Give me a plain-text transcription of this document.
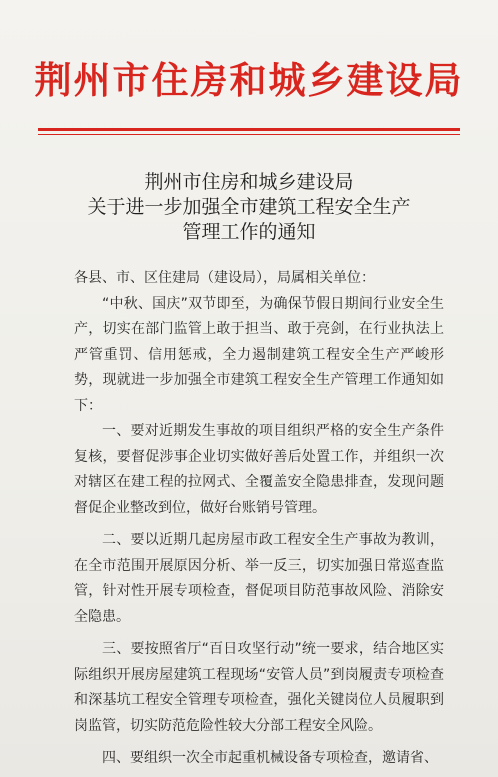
荆州市住房和城乡建设局
荆州市住房和城乡建设局
关于进一步加强全市建筑工程安全生产
管理工作的通知

各县、市、区住建局（建设局），局属相关单位：

“中秋、国庆”双节即至，为确保节假日期间行业安全生产，切实在部门监管上敢于担当、敢于亮剑，在行业执法上严管重罚、信用惩戒，全力遏制建筑工程安全生产严峻形势，现就进一步加强全市建筑工程安全生产管理工作通知如下：

一、要对近期发生事故的项目组织严格的安全生产条件复核，要督促涉事企业切实做好善后处置工作，并组织一次对辖区在建工程的拉网式、全覆盖安全隐患排查，发现问题督促企业整改到位，做好台账销号管理。

二、要以近期几起房屋市政工程安全生产事故为教训，在全市范围开展原因分析、举一反三，切实加强日常巡查监管，针对性开展专项检查，督促项目防范事故风险、消除安全隐患。

三、要按照省厅“百日攻坚行动”统一要求，结合地区实际组织开展房屋建筑工程现场“安管人员”到岗履责专项检查和深基坑工程安全管理专项检查，强化关键岗位人员履职到岗监管，切实防范危险性较大分部工程安全风险。

四、要组织一次全市起重机械设备专项检查，邀请省、
